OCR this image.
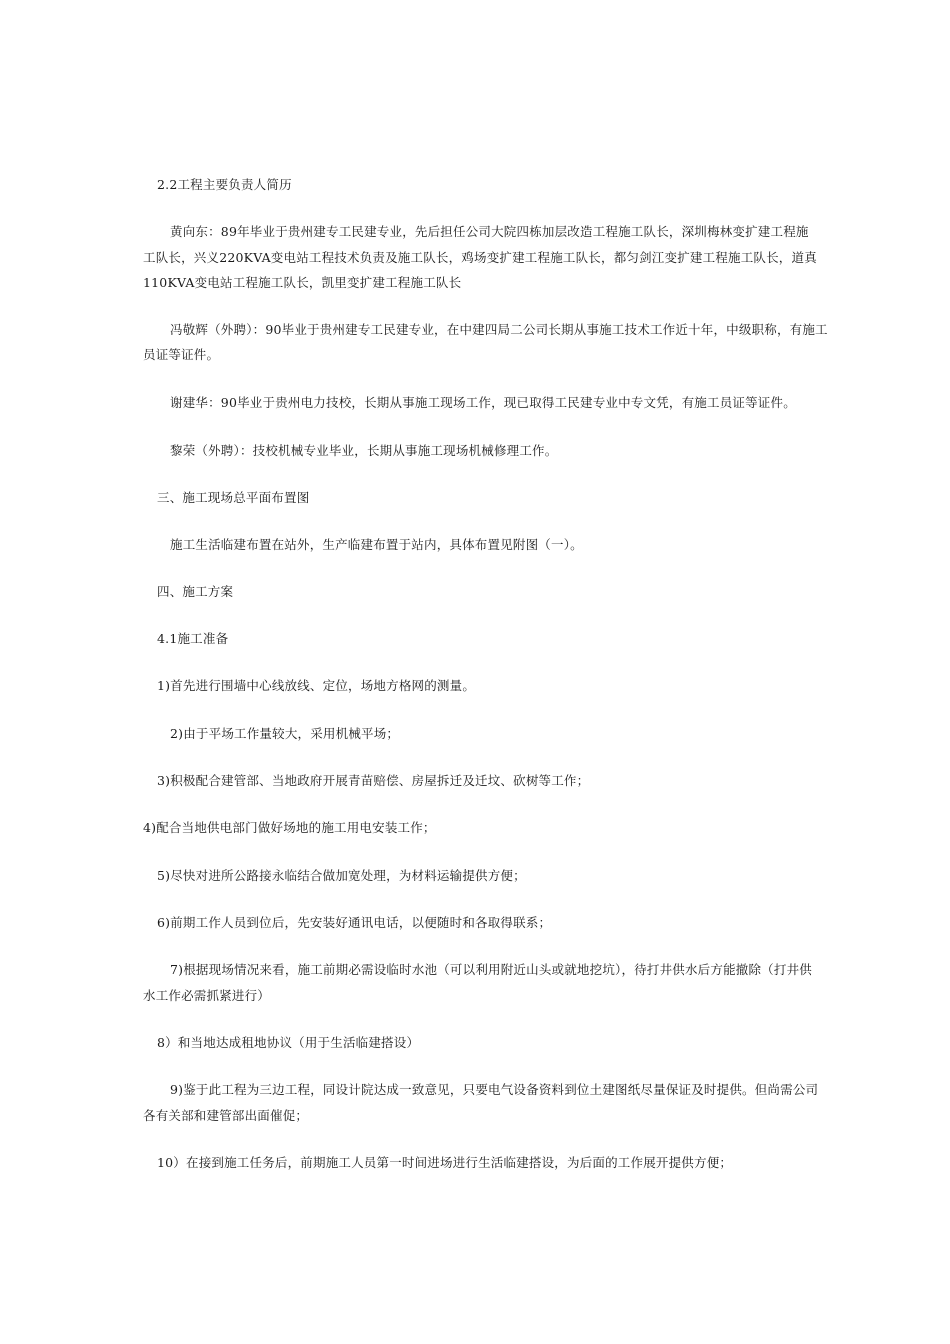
2.2工程主要负责人简历
黄向东：89年毕业于贵州建专工民建专业，先后担任公司大院四栋加层改造工程施工队长，深圳梅林变扩建工程施
工队长，兴义220KVA变电站工程技术负责及施工队长，鸡场变扩建工程施工队长，都匀剑江变扩建工程施工队长，道真
110KVA变电站工程施工队长，凯里变扩建工程施工队长
冯敬辉（外聘）：90毕业于贵州建专工民建专业，在中建四局二公司长期从事施工技术工作近十年，中级职称，有施工
员证等证件。
谢建华：90毕业于贵州电力技校，长期从事施工现场工作，现已取得工民建专业中专文凭，有施工员证等证件。
黎荣（外聘）：技校机械专业毕业，长期从事施工现场机械修理工作。
三、施工现场总平面布置图
施工生活临建布置在站外，生产临建布置于站内，具体布置见附图（一）。
四、施工方案
4.1施工准备
1)首先进行围墙中心线放线、定位，场地方格网的测量。
2)由于平场工作量较大，采用机械平场；
3)积极配合建管部、当地政府开展青苗赔偿、房屋拆迁及迁坟、砍树等工作；
4)配合当地供电部门做好场地的施工用电安装工作；
5)尽快对进所公路接永临结合做加宽处理，为材料运输提供方便；
6)前期工作人员到位后，先安装好通讯电话，以便随时和各取得联系；
7)根据现场情况来看，施工前期必需设临时水池（可以利用附近山头或就地挖坑），待打井供水后方能撤除（打井供
水工作必需抓紧进行）
8）和当地达成租地协议（用于生活临建搭设）
9)鉴于此工程为三边工程，同设计院达成一致意见，只要电气设备资料到位土建图纸尽量保证及时提供。但尚需公司
各有关部和建管部出面催促；
10）在接到施工任务后，前期施工人员第一时间进场进行生活临建搭设，为后面的工作展开提供方便；
